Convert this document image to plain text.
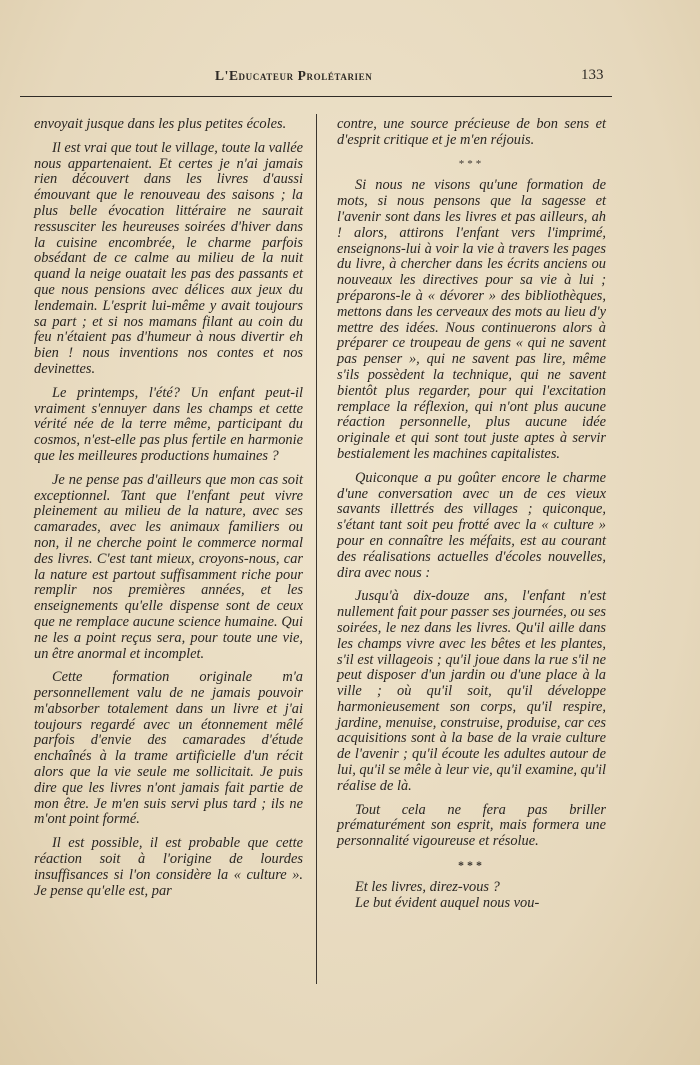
L'Educateur Prolétarien	133

envoyait jusque dans les plus petites écoles.

Il est vrai que tout le village, toute la vallée nous appartenaient. Et certes je n'ai jamais rien découvert dans les livres d'aussi émouvant que le renouveau des saisons ; la plus belle évocation littéraire ne saurait ressusciter les heureuses soirées d'hiver dans la cuisine encombrée, le charme parfois obsédant de ce calme au milieu de la nuit quand la neige ouatait les pas des passants et que nous pensions avec délices aux jeux du lendemain. L'esprit lui-même y avait toujours sa part ; et si nos mamans filant au coin du feu n'étaient pas d'humeur à nous divertir eh bien ! nous inventions nos contes et nos devinettes.

Le printemps, l'été? Un enfant peut-il vraiment s'ennuyer dans les champs et cette vérité née de la terre même, participant du cosmos, n'est-elle pas plus fertile en harmonie que les meilleures productions humaines ?

Je ne pense pas d'ailleurs que mon cas soit exceptionnel. Tant que l'enfant peut vivre pleinement au milieu de la nature, avec ses camarades, avec les animaux familiers ou non, il ne cherche point le commerce normal des livres. C'est tant mieux, croyons-nous, car la nature est partout suffisamment riche pour remplir nos premières années, et les enseignements qu'elle dispense sont de ceux que ne remplace aucune science humaine. Qui ne les a point reçus sera, pour toute une vie, un être anormal et incomplet.

Cette formation originale m'a personnellement valu de ne jamais pouvoir m'absorber totalement dans un livre et j'ai toujours regardé avec un étonnement mêlé parfois d'envie des camarades d'étude enchaînés à la trame artificielle d'un récit alors que la vie seule me sollicitait. Je puis dire que les livres n'ont jamais fait partie de mon être. Je m'en suis servi plus tard ; ils ne m'ont point formé.

Il est possible, il est probable que cette réaction soit à l'origine de lourdes insuffisances si l'on considère la « culture ». Je pense qu'elle est, par

contre, une source précieuse de bon sens et d'esprit critique et je m'en réjouis.

***

Si nous ne visons qu'une formation de mots, si nous pensons que la sagesse et l'avenir sont dans les livres et pas ailleurs, ah ! alors, attirons l'enfant vers l'imprimé, enseignons-lui à voir la vie à travers les pages du livre, à chercher dans les écrits anciens ou nouveaux les directives pour sa vie à lui ; préparons-le à « dévorer » des bibliothèques, mettons dans les cerveaux des mots au lieu d'y mettre des idées. Nous continuerons alors à préparer ce troupeau de gens « qui ne savent pas penser », qui ne savent pas lire, même s'ils possèdent la technique, qui ne savent bientôt plus regarder, pour qui l'excitation remplace la réflexion, qui n'ont plus aucune réaction personnelle, plus aucune idée originale et qui sont tout juste aptes à servir bestialement les machines capitalistes.

Quiconque a pu goûter encore le charme d'une conversation avec un de ces vieux savants illettrés des villages ; quiconque, s'étant tant soit peu frotté avec la « culture » pour en connaître les méfaits, est au courant des réalisations actuelles d'écoles nouvelles, dira avec nous :

Jusqu'à dix-douze ans, l'enfant n'est nullement fait pour passer ses journées, ou ses soirées, le nez dans les livres. Qu'il aille dans les champs vivre avec les bêtes et les plantes, s'il est villageois ; qu'il joue dans la rue s'il ne peut disposer d'un jardin ou d'une place à la ville ; où qu'il soit, qu'il développe harmonieusement son corps, qu'il respire, jardine, menuise, construise, produise, car ces acquisitions sont à la base de la vraie culture de l'avenir ; qu'il écoute les adultes autour de lui, qu'il se mêle à leur vie, qu'il examine, qu'il réalise de là.

Tout cela ne fera pas briller prématurément son esprit, mais formera une personnalité vigoureuse et résolue.

***

Et les livres, direz-vous ?

Le but évident auquel nous vou-
